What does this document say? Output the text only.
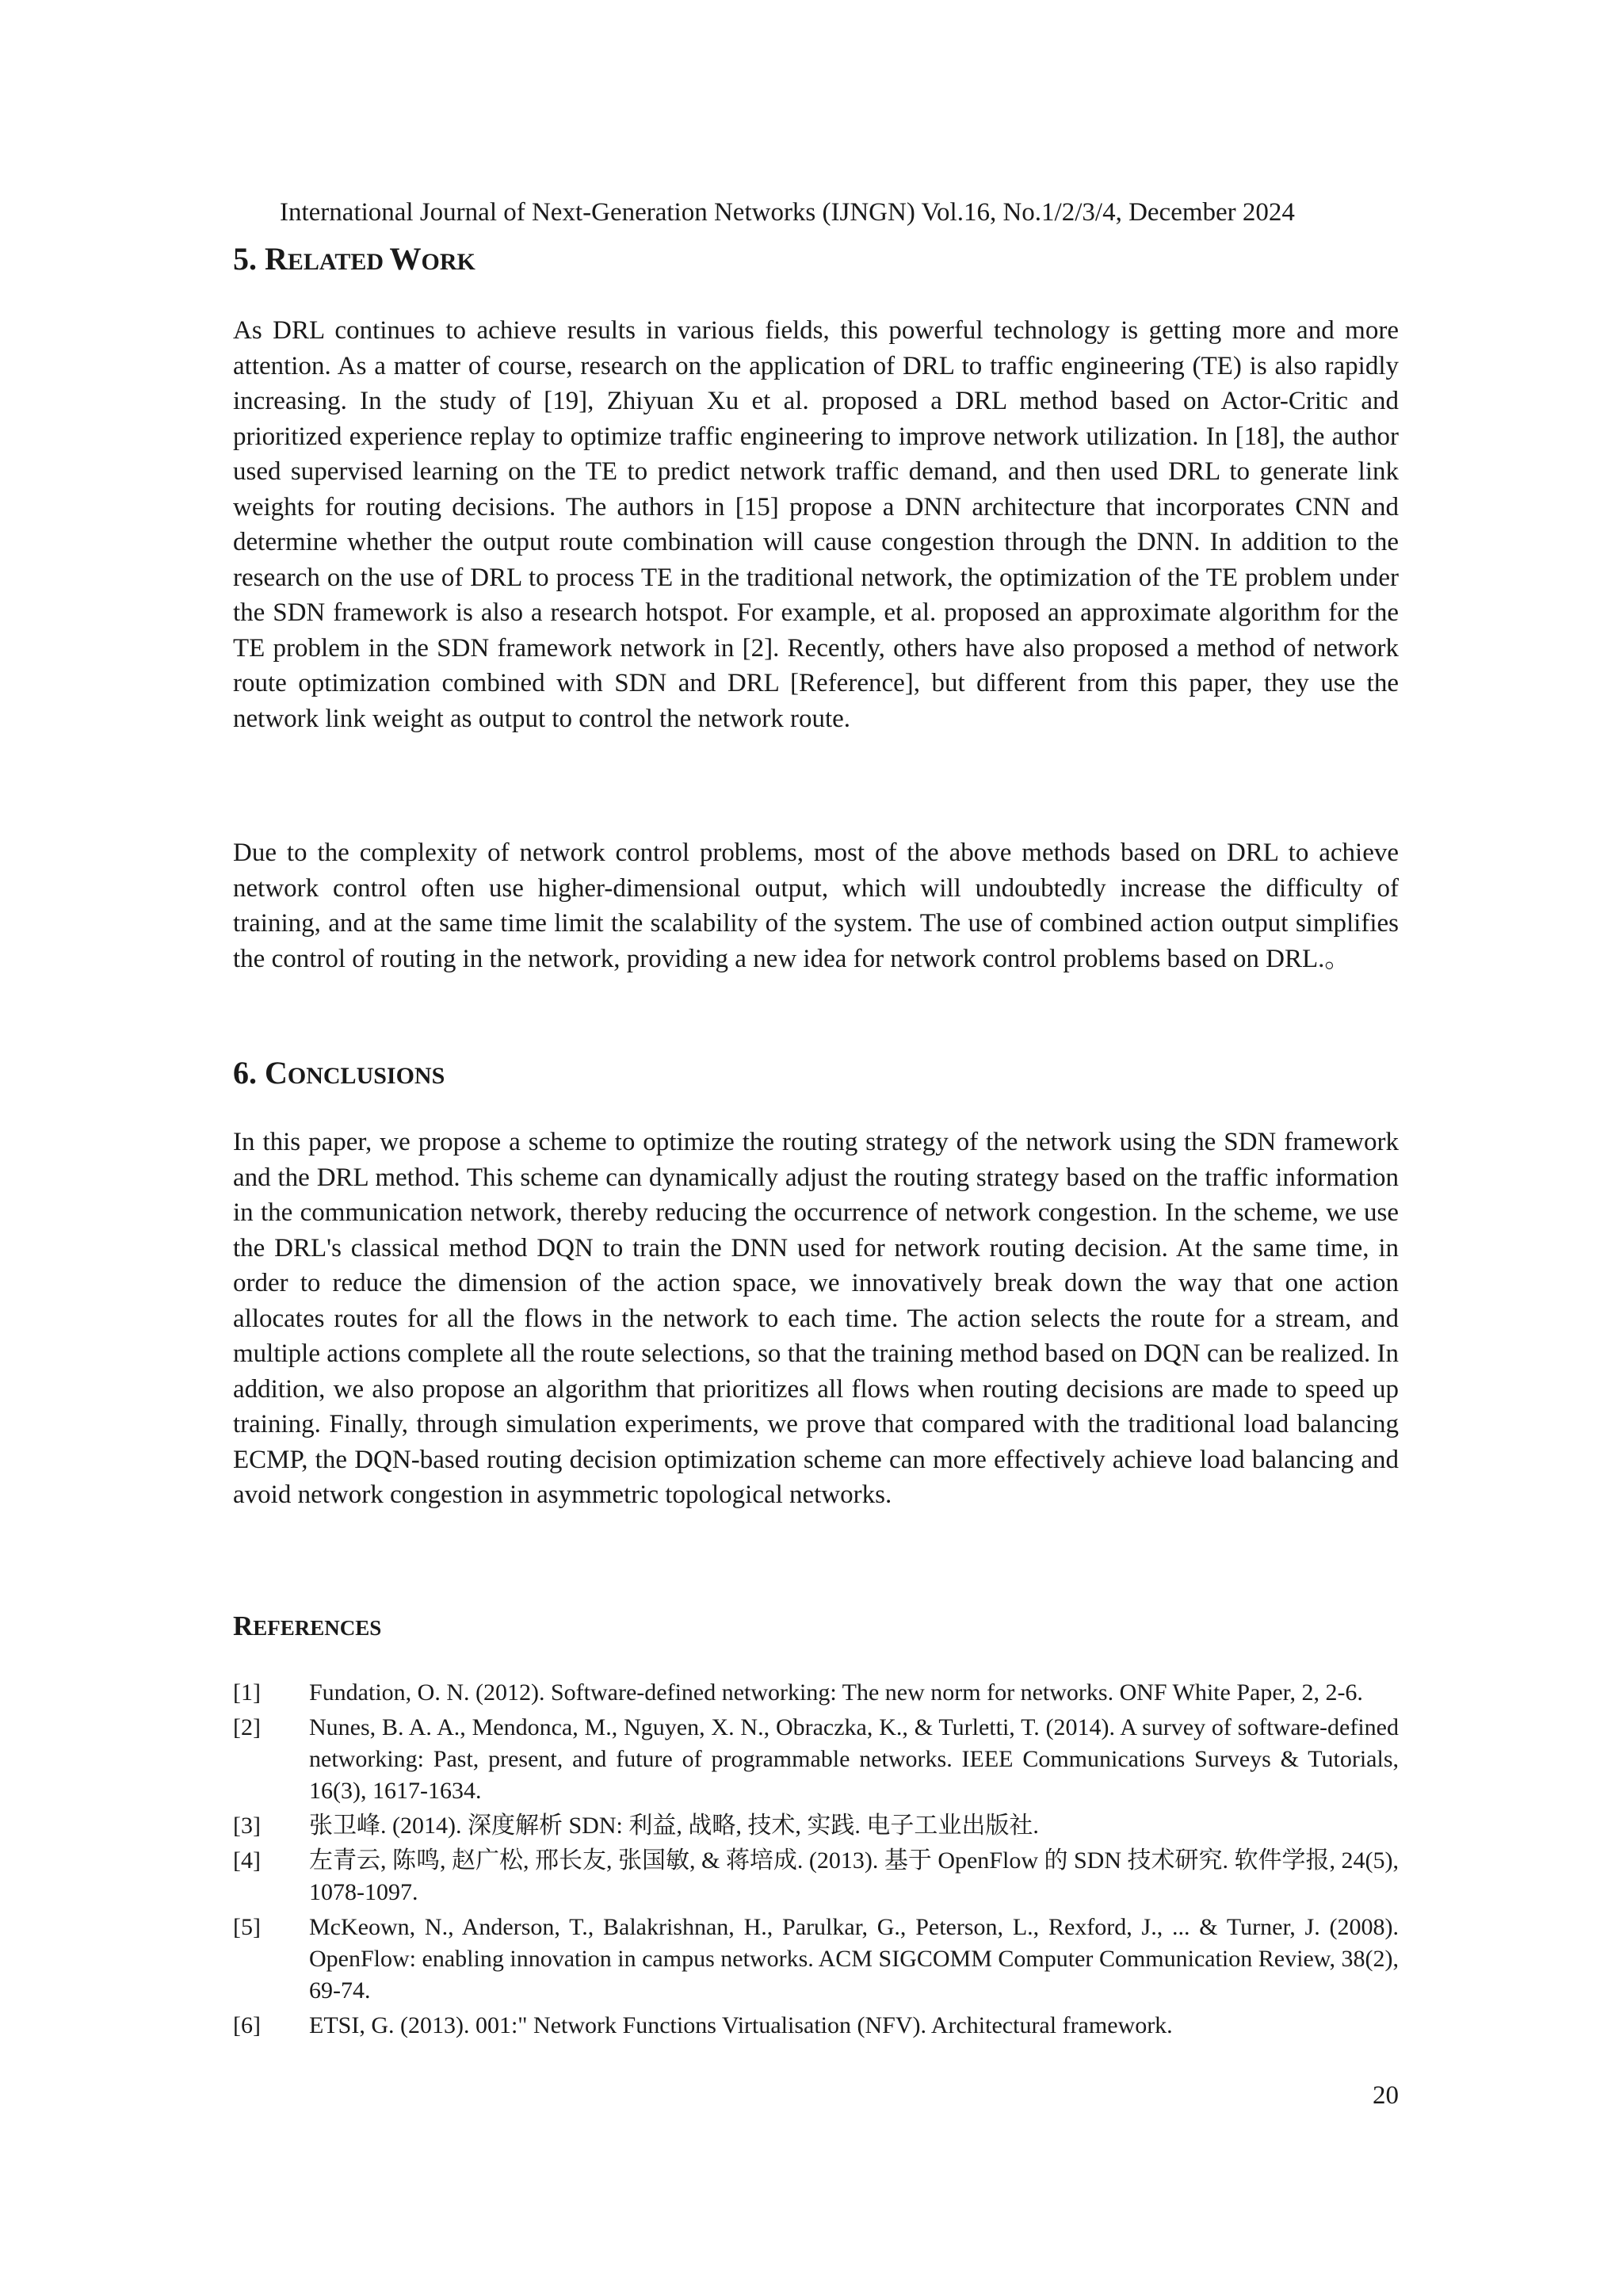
International Journal of Next-Generation Networks (IJNGN) Vol.16, No.1/2/3/4, December 2024
5. RELATED WORK

As DRL continues to achieve results in various fields, this powerful technology is getting more and more attention. As a matter of course, research on the application of DRL to traffic engineering (TE) is also rapidly increasing. In the study of [19], Zhiyuan Xu et al. proposed a DRL method based on Actor-Critic and prioritized experience replay to optimize traffic engineering to improve network utilization. In [18], the author used supervised learning on the TE to predict network traffic demand, and then used DRL to generate link weights for routing decisions. The authors in [15] propose a DNN architecture that incorporates CNN and determine whether the output route combination will cause congestion through the DNN. In addition to the research on the use of DRL to process TE in the traditional network, the optimization of the TE problem under the SDN framework is also a research hotspot. For example, et al. proposed an approximate algorithm for the TE problem in the SDN framework network in [2]. Recently, others have also proposed a method of network route optimization combined with SDN and DRL [Reference], but different from this paper, they use the network link weight as output to control the network route.

Due to the complexity of network control problems, most of the above methods based on DRL to achieve network control often use higher-dimensional output, which will undoubtedly increase the difficulty of training, and at the same time limit the scalability of the system. The use of combined action output simplifies the control of routing in the network, providing a new idea for network control problems based on DRL.。

6. CONCLUSIONS

In this paper, we propose a scheme to optimize the routing strategy of the network using the SDN framework and the DRL method. This scheme can dynamically adjust the routing strategy based on the traffic information in the communication network, thereby reducing the occurrence of network congestion. In the scheme, we use the DRL's classical method DQN to train the DNN used for network routing decision. At the same time, in order to reduce the dimension of the action space, we innovatively break down the way that one action allocates routes for all the flows in the network to each time. The action selects the route for a stream, and multiple actions complete all the route selections, so that the training method based on DQN can be realized. In addition, we also propose an algorithm that prioritizes all flows when routing decisions are made to speed up training. Finally, through simulation experiments, we prove that compared with the traditional load balancing ECMP, the DQN-based routing decision optimization scheme can more effectively achieve load balancing and avoid network congestion in asymmetric topological networks.

REFERENCES
[1] Fundation, O. N. (2012). Software-defined networking: The new norm for networks. ONF White Paper, 2, 2-6.
[2] Nunes, B. A. A., Mendonca, M., Nguyen, X. N., Obraczka, K., & Turletti, T. (2014). A survey of software-defined networking: Past, present, and future of programmable networks. IEEE Communications Surveys & Tutorials, 16(3), 1617-1634.
[3] 张卫峰. (2014). 深度解析 SDN: 利益, 战略, 技术, 实践. 电子工业出版社.
[4] 左青云, 陈鸣, 赵广松, 邢长友, 张国敏, & 蒋培成. (2013). 基于 OpenFlow 的 SDN 技术研究. 软件学报, 24(5), 1078-1097.
[5] McKeown, N., Anderson, T., Balakrishnan, H., Parulkar, G., Peterson, L., Rexford, J., ... & Turner, J. (2008). OpenFlow: enabling innovation in campus networks. ACM SIGCOMM Computer Communication Review, 38(2), 69-74.
[6] ETSI, G. (2013). 001:" Network Functions Virtualisation (NFV). Architectural framework.
20
